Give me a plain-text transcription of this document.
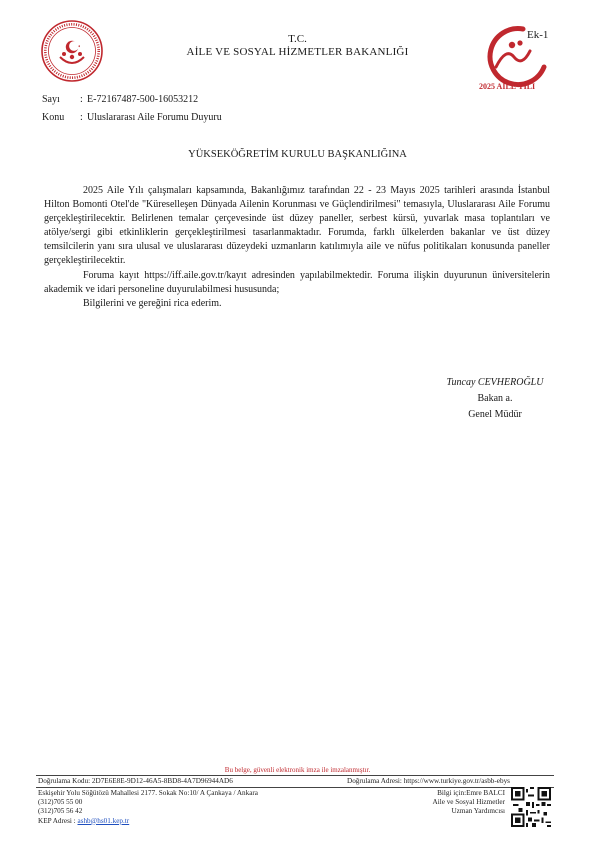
2025 AİLE YILI
Ek-1
T.C.
AİLE VE SOSYAL HİZMETLER BAKANLIĞI
Sayı : E-72167487-500-16053212
Konu : Uluslararası Aile Forumu Duyuru
YÜKSEKÖĞRETİM KURULU BAŞKANLIĞINA

2025 Aile Yılı çalışmaları kapsamında, Bakanlığımız tarafından 22 - 23 Mayıs 2025 tarihleri arasında İstanbul Hilton Bomonti Otel'de "Küreselleşen Dünyada Ailenin Korunması ve Güçlendirilmesi" temasıyla, Uluslararası Aile Forumu gerçekleştirilecektir. Belirlenen temalar çerçevesinde üst düzey paneller, serbest kürsü, yuvarlak masa toplantıları ve atölye/sergi gibi etkinliklerin gerçekleştirilmesi tasarlanmaktadır. Forumda, farklı ülkelerden bakanlar ve üst düzey temsilcilerin yanı sıra ulusal ve uluslararası düzeydeki uzmanların katılımıyla aile ve nüfus politikaları konusunda paneller gerçekleştirilecektir.

Foruma kayıt https://iff.aile.gov.tr/kayıt adresinden yapılabilmektedir. Foruma ilişkin duyurunun üniversitelerin akademik ve idari personeline duyurulabilmesi hususunda;

Bilgilerini ve gereğini rica ederim.

Tuncay CEVHEROĞLU
Bakan a.
Genel Müdür
Bu belge, güvenli elektronik imza ile imzalanmıştır.
Doğrulama Kodu: 2D7E6E8E-9D12-46A5-8BD8-4A7D96944AD6	Doğrulama Adresi: https://www.turkiye.gov.tr/asbb-ebys
Eskişehir Yolu Söğütözü Mahallesi 2177. Sokak No:10/ A Çankaya / Ankara
(312)705 55 00
(312)705 56 42
KEP Adresi : ashb@hs01.kep.tr
Bilgi için:Emre BALCI
Aile ve Sosyal Hizmetler
Uzman Yardımcısı
